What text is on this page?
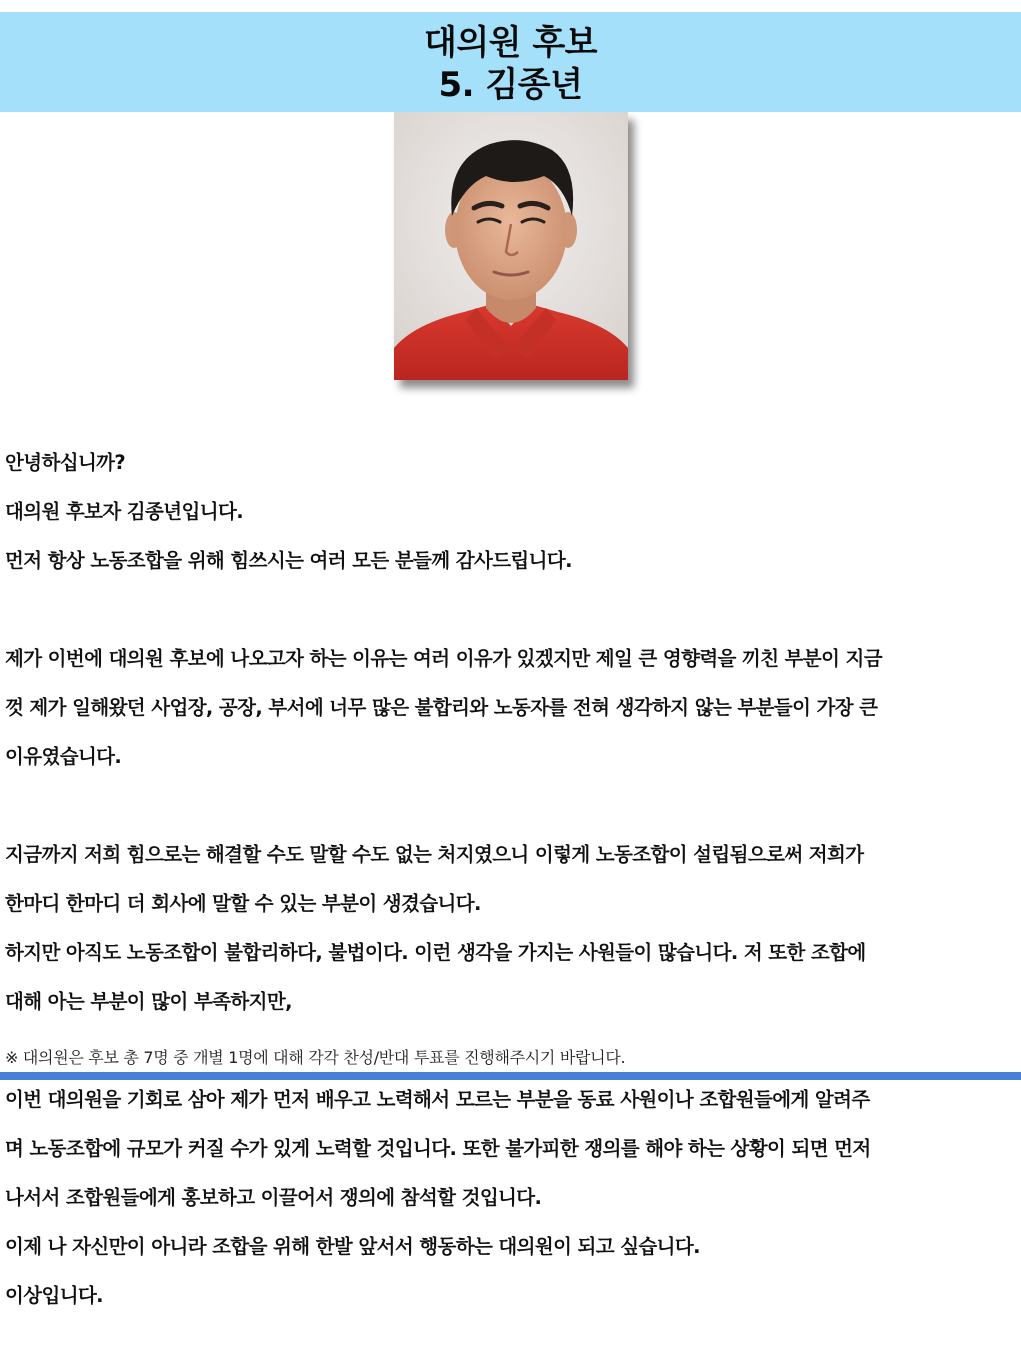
대의원 후보
5. 김종년

안녕하십니까?

대의원 후보자 김종년입니다.

먼저 항상 노동조합을 위해 힘쓰시는 여러 모든 분들께 감사드립니다.

제가 이번에 대의원 후보에 나오고자 하는 이유는 여러 이유가 있겠지만 제일 큰 영향력을 끼친 부분이 지금

껏 제가 일해왔던 사업장, 공장, 부서에 너무 많은 불합리와 노동자를 전혀 생각하지 않는 부분들이 가장 큰

이유였습니다.

지금까지 저희 힘으로는 해결할 수도 말할 수도 없는 처지였으니 이렇게 노동조합이 설립됨으로써 저희가

한마디 한마디 더 회사에 말할 수 있는 부분이 생겼습니다.

하지만 아직도 노동조합이 불합리하다, 불법이다. 이런 생각을 가지는 사원들이 많습니다. 저 또한 조합에

대해 아는 부분이 많이 부족하지만,

이번 대의원을 기회로 삼아 제가 먼저 배우고 노력해서 모르는 부분을 동료 사원이나 조합원들에게 알려주

며 노동조합에 규모가 커질 수가 있게 노력할 것입니다. 또한 불가피한 쟁의를 해야 하는 상황이 되면 먼저

나서서 조합원들에게 홍보하고 이끌어서 쟁의에 참석할 것입니다.

이제 나 자신만이 아니라 조합을 위해 한발 앞서서 행동하는 대의원이 되고 싶습니다.

이상입니다.

※ 대의원은 후보 총 7명 중 개별 1명에 대해 각각 찬성/반대 투표를 진행해주시기 바랍니다.
